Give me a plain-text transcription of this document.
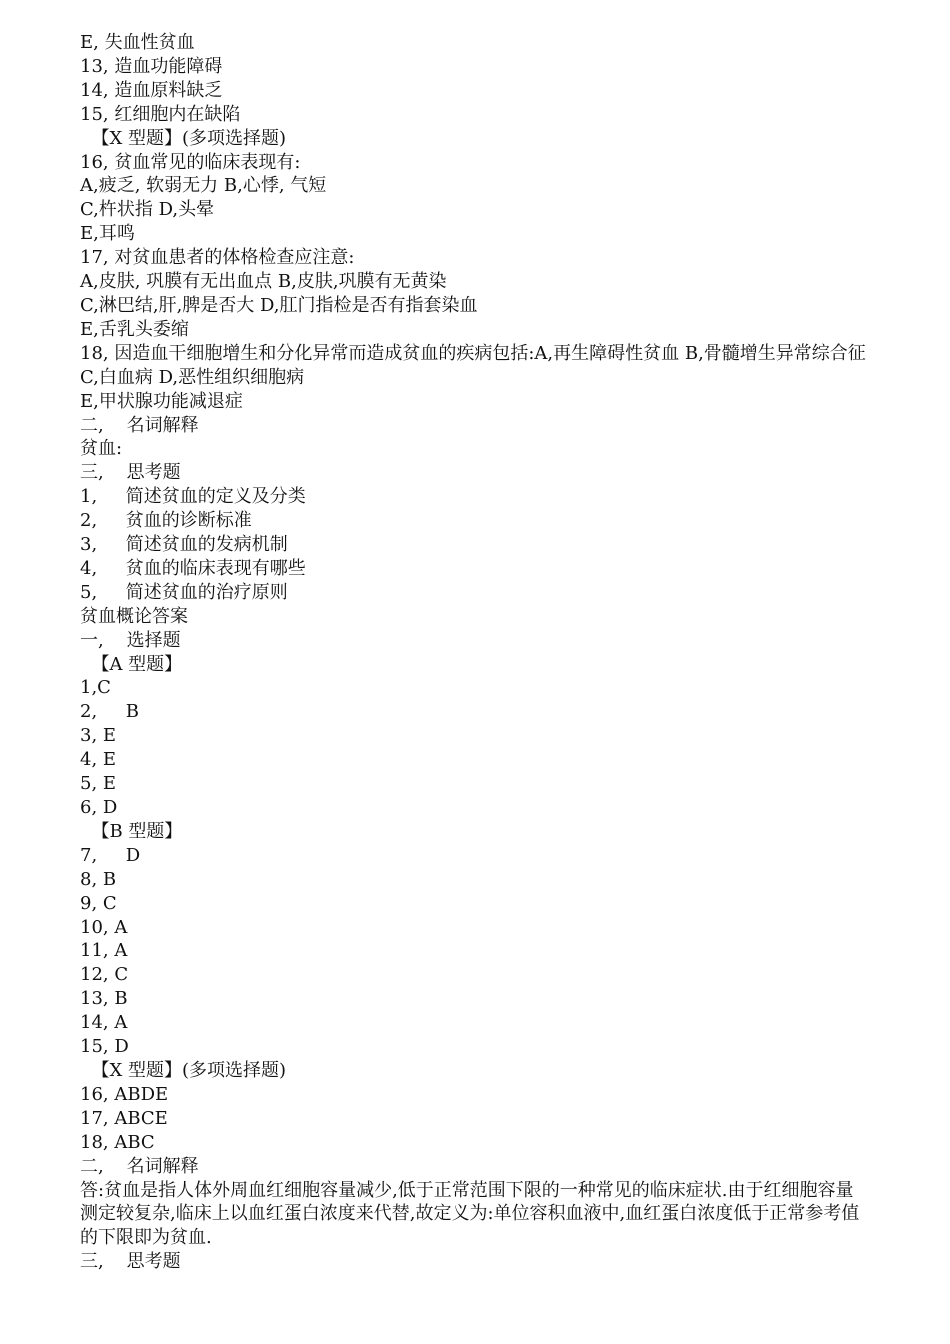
E, 失血性贫血
13, 造血功能障碍
14, 造血原料缺乏
15, 红细胞内在缺陷
【X 型题】(多项选择题)
16, 贫血常见的临床表现有:
A,疲乏, 软弱无力 B,心悸, 气短
C,杵状指 D,头晕
E,耳鸣
17, 对贫血患者的体格检查应注意:
A,皮肤, 巩膜有无出血点 B,皮肤,巩膜有无黄染
C,淋巴结,肝,脾是否大 D,肛门指检是否有指套染血
E,舌乳头委缩
18, 因造血干细胞增生和分化异常而造成贫血的疾病包括:A,再生障碍性贫血 B,骨髓增生异常综合征
C,白血病 D,恶性组织细胞病
E,甲状腺功能减退症
二,    名词解释
贫血:
三,    思考题
1,     简述贫血的定义及分类
2,     贫血的诊断标准
3,     简述贫血的发病机制
4,     贫血的临床表现有哪些
5,     简述贫血的治疗原则
贫血概论答案
一,    选择题
【A 型题】
1,C
2,     B
3, E
4, E
5, E
6, D
【B 型题】
7,     D
8, B
9, C
10, A
11, A
12, C
13, B
14, A
15, D
【X 型题】(多项选择题)
16, ABDE
17, ABCE
18, ABC
二,    名词解释
答:贫血是指人体外周血红细胞容量减少,低于正常范围下限的一种常见的临床症状.由于红细胞容量测定较复杂,临床上以血红蛋白浓度来代替,故定义为:单位容积血液中,血红蛋白浓度低于正常参考值的下限即为贫血.
三,    思考题
